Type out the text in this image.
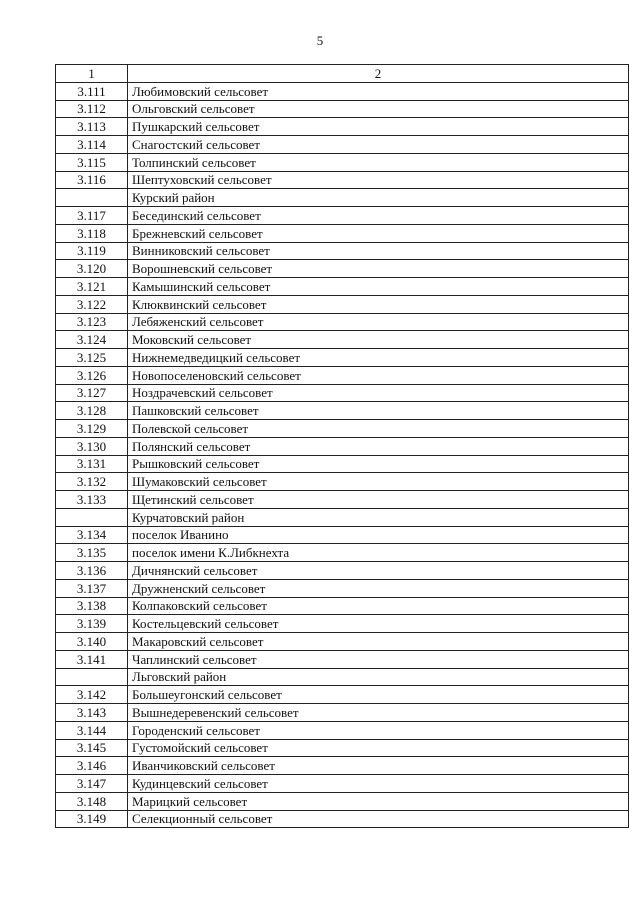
5
1	2
3.111	Любимовский сельсовет
3.112	Ольговский сельсовет
3.113	Пушкарский сельсовет
3.114	Снагостский сельсовет
3.115	Толпинский сельсовет
3.116	Шептуховский сельсовет
	Курский район
3.117	Бесединский сельсовет
3.118	Брежневский сельсовет
3.119	Винниковский сельсовет
3.120	Ворошневский сельсовет
3.121	Камышинский сельсовет
3.122	Клюквинский сельсовет
3.123	Лебяженский сельсовет
3.124	Моковский сельсовет
3.125	Нижнемедведицкий сельсовет
3.126	Новопоселеновский сельсовет
3.127	Ноздрачевский сельсовет
3.128	Пашковский сельсовет
3.129	Полевской сельсовет
3.130	Полянский сельсовет
3.131	Рышковский сельсовет
3.132	Шумаковский сельсовет
3.133	Щетинский сельсовет
	Курчатовский район
3.134	поселок Иванино
3.135	поселок имени К.Либкнехта
3.136	Дичнянский сельсовет
3.137	Дружненский сельсовет
3.138	Колпаковский сельсовет
3.139	Костельцевский сельсовет
3.140	Макаровский сельсовет
3.141	Чаплинский сельсовет
	Льговский район
3.142	Большеугонский сельсовет
3.143	Вышнедеревенский сельсовет
3.144	Городенский сельсовет
3.145	Густомойский сельсовет
3.146	Иванчиковский сельсовет
3.147	Кудинцевский сельсовет
3.148	Марицкий сельсовет
3.149	Селекционный сельсовет
